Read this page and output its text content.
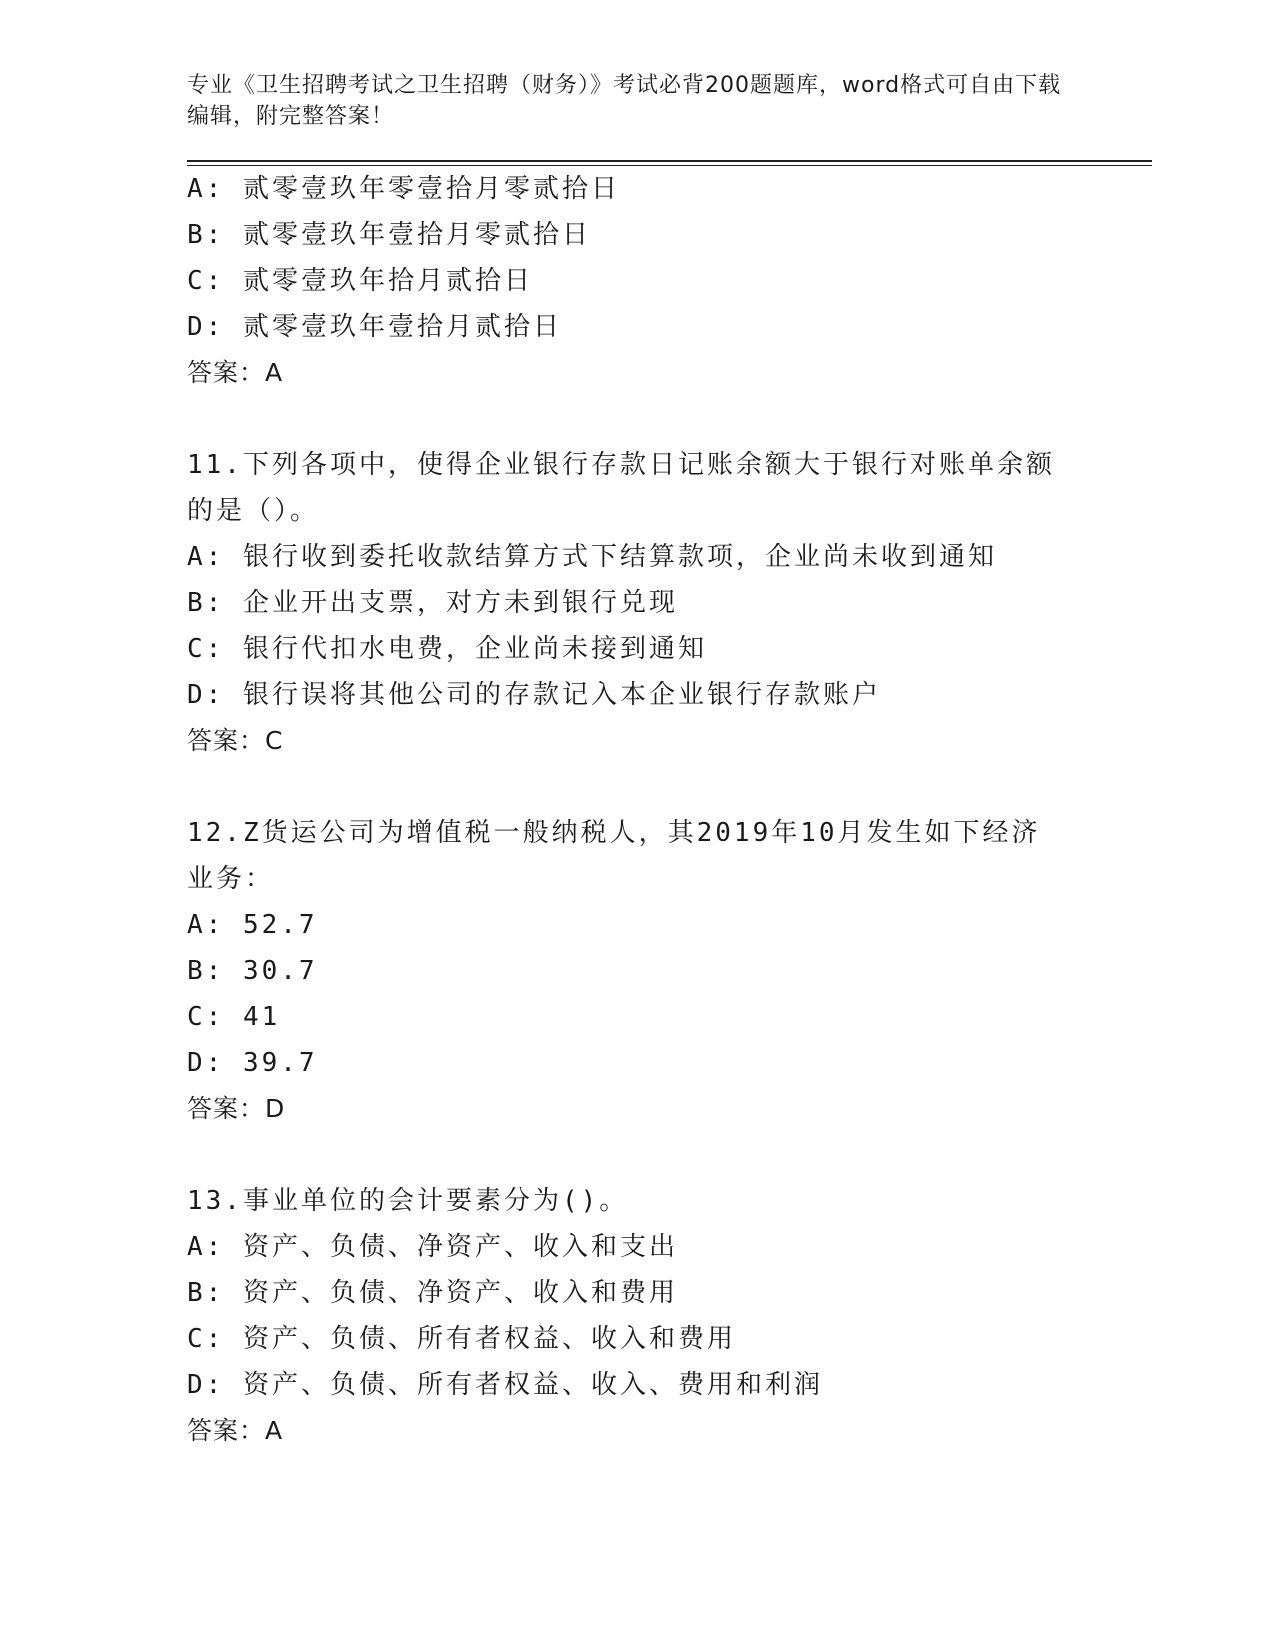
专业《卫生招聘考试之卫生招聘（财务）》考试必背200题题库，word格式可自由下载编辑，附完整答案！
A: 贰零壹玖年零壹拾月零贰拾日
B: 贰零壹玖年壹拾月零贰拾日
C: 贰零壹玖年拾月贰拾日
D: 贰零壹玖年壹拾月贰拾日
答案：A
11.下列各项中，使得企业银行存款日记账余额大于银行对账单余额的是（）。
A: 银行收到委托收款结算方式下结算款项，企业尚未收到通知
B: 企业开出支票，对方未到银行兑现
C: 银行代扣水电费，企业尚未接到通知
D: 银行误将其他公司的存款记入本企业银行存款账户
答案：C
12.Z货运公司为增值税一般纳税人，其2019年10月发生如下经济业务：
A: 52.7
B: 30.7
C: 41
D: 39.7
答案：D
13.事业单位的会计要素分为()。
A: 资产、负债、净资产、收入和支出
B: 资产、负债、净资产、收入和费用
C: 资产、负债、所有者权益、收入和费用
D: 资产、负债、所有者权益、收入、费用和利润
答案：A
